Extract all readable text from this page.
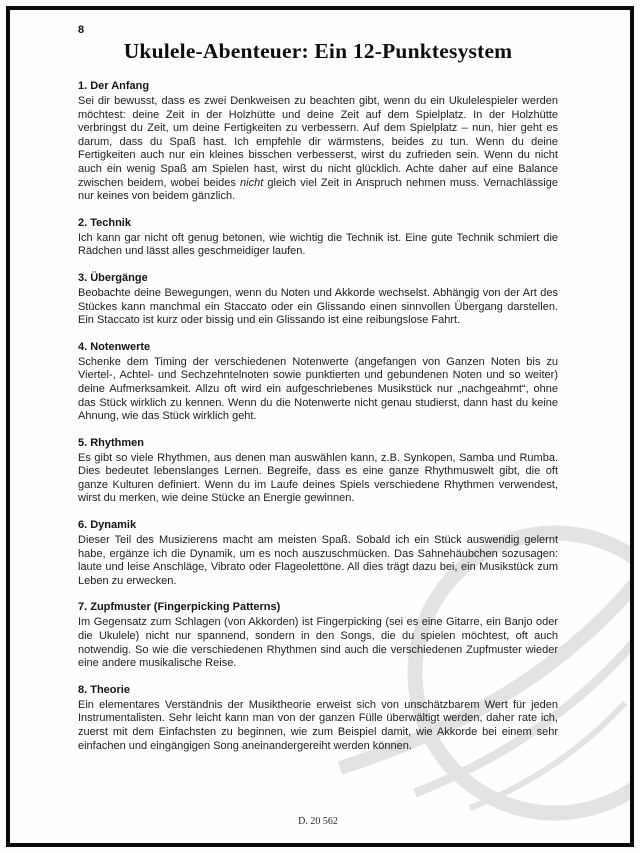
8
Ukulele-Abenteuer: Ein 12-Punktesystem
1. Der Anfang

Sei dir bewusst, dass es zwei Denkweisen zu beachten gibt, wenn du ein Ukulelespieler werden möchtest: deine Zeit in der Holzhütte und deine Zeit auf dem Spielplatz. In der Holzhütte verbringst du Zeit, um deine Fertigkeiten zu verbessern. Auf dem Spielplatz – nun, hier geht es darum, dass du Spaß hast. Ich empfehle dir wärmstens, beides zu tun. Wenn du deine Fertigkeiten auch nur ein kleines bisschen verbesserst, wirst du zufrieden sein. Wenn du nicht auch ein wenig Spaß am Spielen hast, wirst du nicht glücklich. Achte daher auf eine Balance zwischen beidem, wobei beides nicht gleich viel Zeit in Anspruch nehmen muss. Vernachlässige nur keines von beidem gänzlich.

2. Technik

Ich kann gar nicht oft genug betonen, wie wichtig die Technik ist. Eine gute Technik schmiert die Rädchen und lässt alles geschmeidiger laufen.

3. Übergänge

Beobachte deine Bewegungen, wenn du Noten und Akkorde wechselst. Abhängig von der Art des Stückes kann manchmal ein Staccato oder ein Glissando einen sinnvollen Übergang darstellen. Ein Staccato ist kurz oder bissig und ein Glissando ist eine reibungslose Fahrt.

4. Notenwerte

Schenke dem Timing der verschiedenen Notenwerte (angefangen von Ganzen Noten bis zu Viertel-, Achtel- und Sechzehntelnoten sowie punktierten und gebundenen Noten und so weiter) deine Aufmerksamkeit. Allzu oft wird ein aufgeschriebenes Musikstück nur „nachgeahmt“, ohne das Stück wirklich zu kennen. Wenn du die Notenwerte nicht genau studierst, dann hast du keine Ahnung, wie das Stück wirklich geht.

5. Rhythmen

Es gibt so viele Rhythmen, aus denen man auswählen kann, z.B. Synkopen, Samba und Rumba. Dies bedeutet lebenslanges Lernen. Begreife, dass es eine ganze Rhythmuswelt gibt, die oft ganze Kulturen definiert. Wenn du im Laufe deines Spiels verschiedene Rhythmen verwendest, wirst du merken, wie deine Stücke an Energie gewinnen.

6. Dynamik

Dieser Teil des Musizierens macht am meisten Spaß. Sobald ich ein Stück auswendig gelernt habe, ergänze ich die Dynamik, um es noch auszuschmücken. Das Sahnehäubchen sozusagen: laute und leise Anschläge, Vibrato oder Flageolettöne. All dies trägt dazu bei, ein Musikstück zum Leben zu erwecken.

7. Zupfmuster (Fingerpicking Patterns)

Im Gegensatz zum Schlagen (von Akkorden) ist Fingerpicking (sei es eine Gitarre, ein Banjo oder die Ukulele) nicht nur spannend, sondern in den Songs, die du spielen möchtest, oft auch notwendig. So wie die verschiedenen Rhythmen sind auch die verschiedenen Zupfmuster wieder eine andere musikalische Reise.

8. Theorie

Ein elementares Verständnis der Musiktheorie erweist sich von unschätzbarem Wert für jeden Instrumentalisten. Sehr leicht kann man von der ganzen Fülle überwältigt werden, daher rate ich, zuerst mit dem Einfachsten zu beginnen, wie zum Beispiel damit, wie Akkorde bei einem sehr einfachen und eingängigen Song aneinandergereiht werden können.

D. 20 562
